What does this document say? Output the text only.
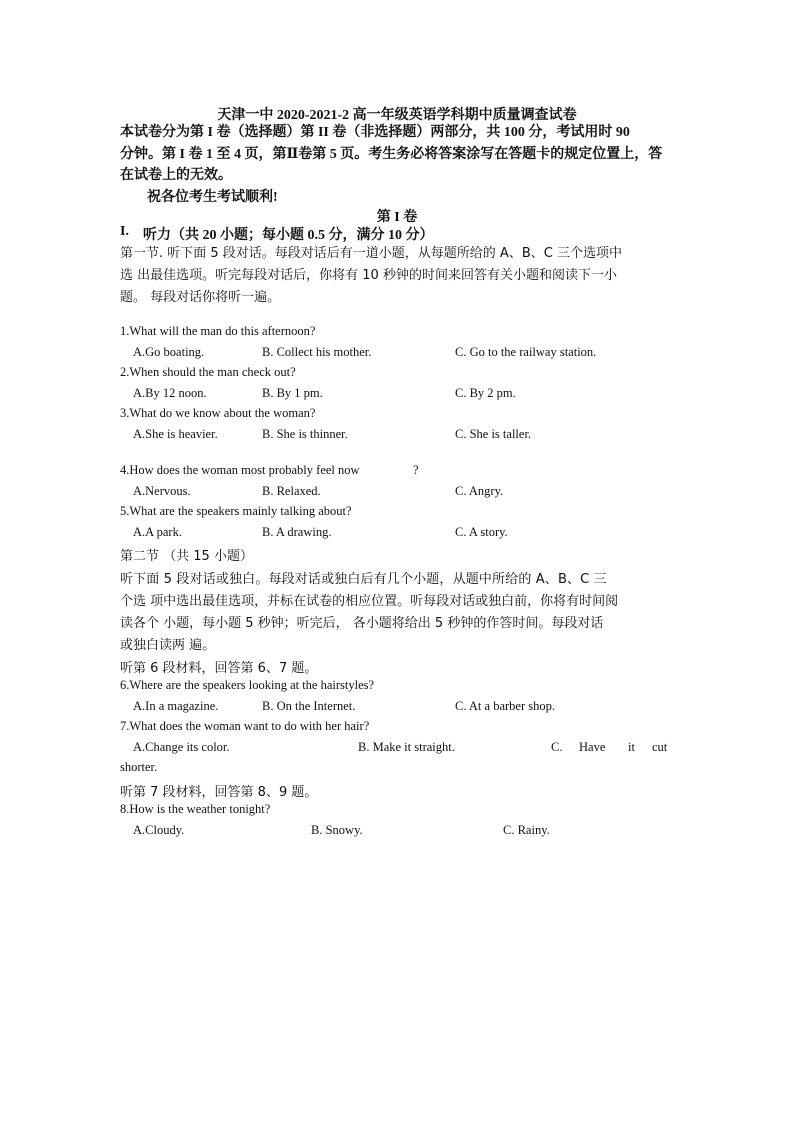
天津一中 2020-2021-2 高一年级英语学科期中质量调查试卷
本试卷分为第 I 卷（选择题）第 II 卷（非选择题）两部分，共 100 分，考试用时 90
分钟。第 I 卷 1 至 4 页，第Ⅱ卷第 5 页。考生务必将答案涂写在答题卡的规定位置上，答
在试卷上的无效。
祝各位考生考试顺利!
第 I 卷
I. 听力（共 20 小题；每小题 0.5 分，满分 10 分）
第一节. 听下面 5 段对话。每段对话后有一道小题，从每题所给的 A、B、C 三个选项中
选 出最佳选项。听完每段对话后，你将有 10 秒钟的时间来回答有关小题和阅读下一小
题。 每段对话你将听一遍。
1.What will the man do this afternoon?
A.Go boating.	B. Collect his mother.	C. Go to the railway station.
2.When should the man check out?
A.By 12 noon.	B. By 1 pm.	C. By 2 pm.
3.What do we know about the woman?
A.She is heavier.	B. She is thinner.	C. She is taller.
4.How does the woman most probably feel now	?
A.Nervous.	B. Relaxed.	C. Angry.
5.What are the speakers mainly talking about?
A.A park.	B. A drawing.	C. A story.
第二节 （共 15 小题）
听下面 5 段对话或独白。每段对话或独白后有几个小题，从题中所给的 A、B、C 三
个选 项中选出最佳选项，并标在试卷的相应位置。听每段对话或独白前，你将有时间阅
读各个 小题，每小题 5 秒钟；听完后， 各小题将给出 5 秒钟的作答时间。每段对话
或独白读两 遍。
听第 6 段材料，回答第 6、7 题。
6.Where are the speakers looking at the hairstyles?
A.In a magazine.	B. On the Internet.	C. At a barber shop.
7.What does the woman want to do with her hair?
A.Change its color.	B. Make it straight.	C. Have it cut
shorter.
听第 7 段材料，回答第 8、9 题。
8.How is the weather tonight?
A.Cloudy.	B. Snowy.	C. Rainy.
